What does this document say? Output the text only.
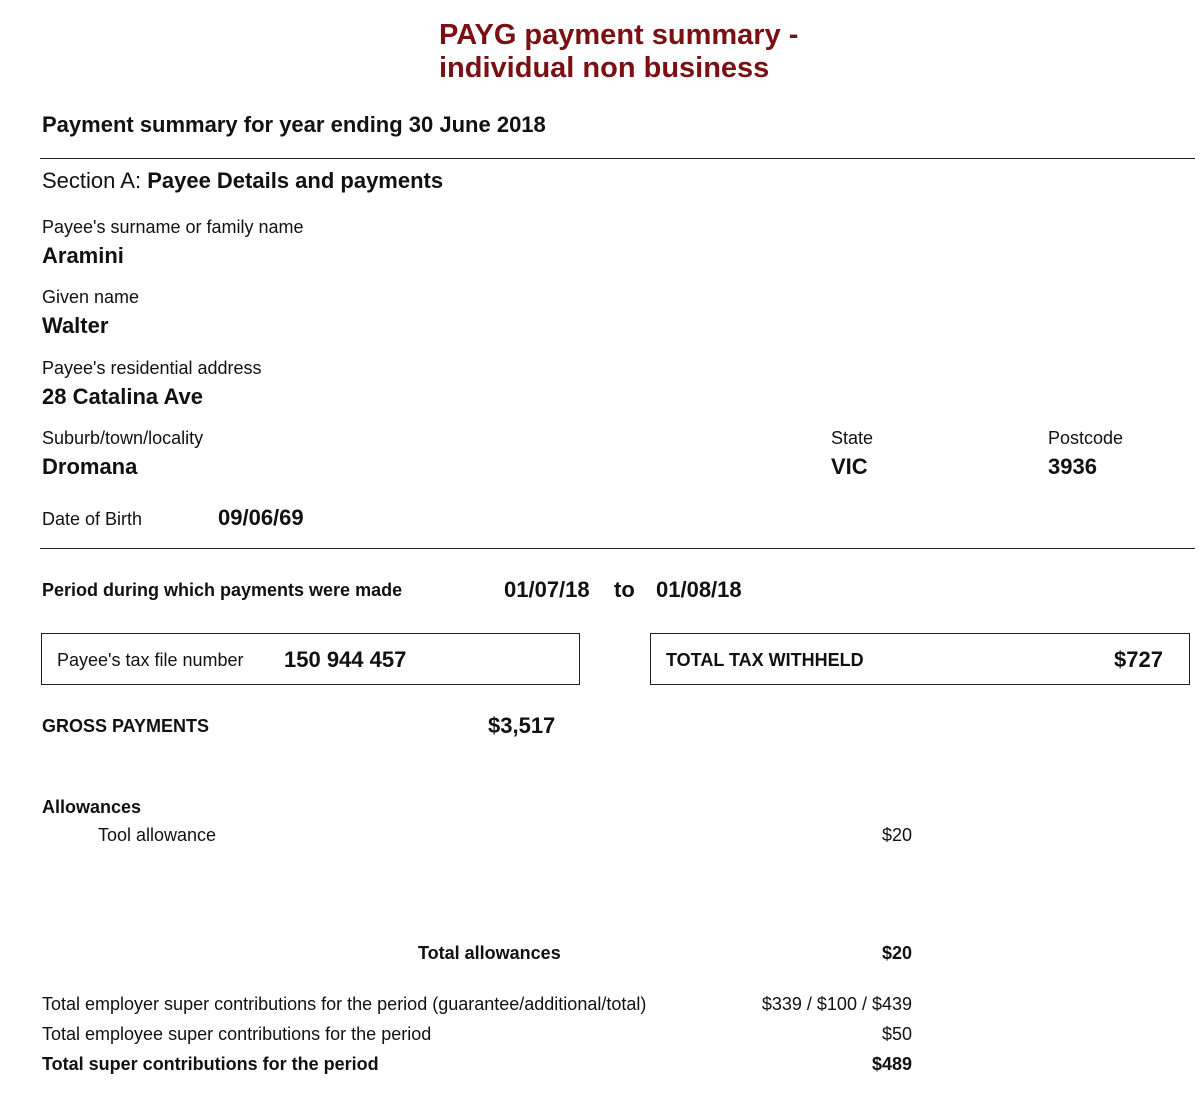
PAYG payment summary -
individual non business
Payment summary for year ending 30 June 2018
Section A: Payee Details and payments
Payee's surname or family name
Aramini
Given name
Walter
Payee's residential address
28 Catalina Ave
Suburb/town/locality
Dromana
State
VIC
Postcode
3936
Date of Birth	09/06/69
Period during which payments were made	01/07/18 to 01/08/18
Payee's tax file number 150 944 457	TOTAL TAX WITHHELD	$727
GROSS PAYMENTS	$3,517
Allowances
Tool allowance	$20
Total allowances	$20
Total employer super contributions for the period (guarantee/additional/total)	$339 / $100 / $439
Total employee super contributions for the period	$50
Total super contributions for the period	$489
